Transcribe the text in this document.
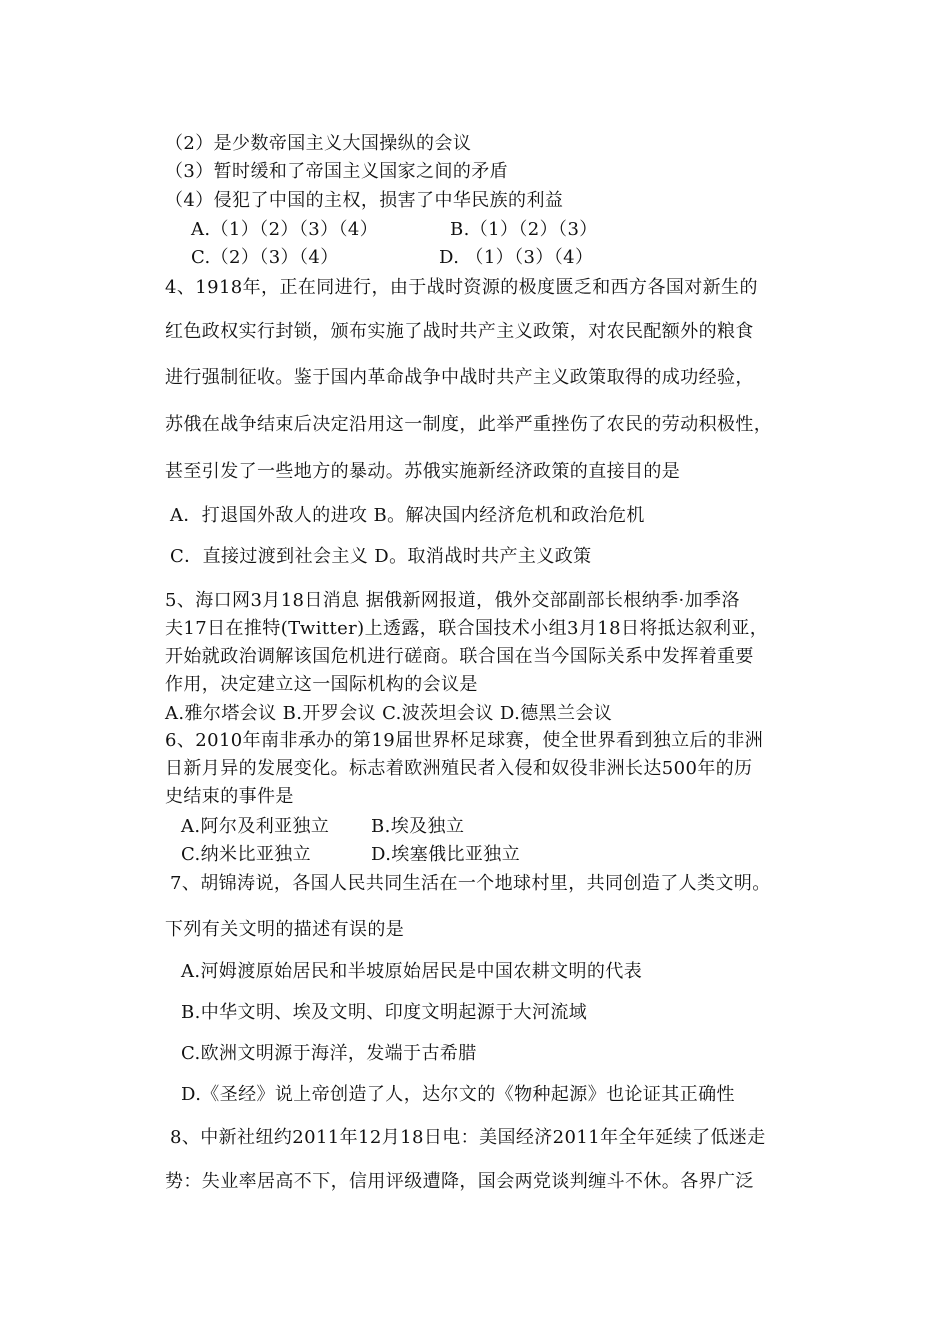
（2）是少数帝国主义大国操纵的会议
（3）暂时缓和了帝国主义国家之间的矛盾
（4）侵犯了中国的主权，损害了中华民族的利益
A.（1）（2）（3）（4）	B.（1）（2）（3）
C.（2）（3）（4）	D. （1）（3）（4）
4、1918年，正在同进行，由于战时资源的极度匮乏和西方各国对新生的
红色政权实行封锁，颁布实施了战时共产主义政策，对农民配额外的粮食
进行强制征收。鉴于国内革命战争中战时共产主义政策取得的成功经验，
苏俄在战争结束后决定沿用这一制度，此举严重挫伤了农民的劳动积极性，
甚至引发了一些地方的暴动。苏俄实施新经济政策的直接目的是
A．打退国外敌人的进攻 B。解决国内经济危机和政治危机
C．直接过渡到社会主义 D。取消战时共产主义政策
5、海口网3月18日消息 据俄新网报道，俄外交部副部长根纳季·加季洛
夫17日在推特(Twitter)上透露，联合国技术小组3月18日将抵达叙利亚，
开始就政治调解该国危机进行磋商。联合国在当今国际关系中发挥着重要
作用，决定建立这一国际机构的会议是
A.雅尔塔会议 B.开罗会议 C.波茨坦会议 D.德黑兰会议
6、2010年南非承办的第19届世界杯足球赛，使全世界看到独立后的非洲
日新月异的发展变化。标志着欧洲殖民者入侵和奴役非洲长达500年的历
史结束的事件是
A.阿尔及利亚独立 B.埃及独立
C.纳米比亚独立	D.埃塞俄比亚独立
7、胡锦涛说，各国人民共同生活在一个地球村里，共同创造了人类文明。
下列有关文明的描述有误的是
A.河姆渡原始居民和半坡原始居民是中国农耕文明的代表
B.中华文明、埃及文明、印度文明起源于大河流域
C.欧洲文明源于海洋，发端于古希腊
D.《圣经》说上帝创造了人，达尔文的《物种起源》也论证其正确性
8、中新社纽约2011年12月18日电：美国经济2011年全年延续了低迷走
势：失业率居高不下，信用评级遭降，国会两党谈判缠斗不休。各界广泛
